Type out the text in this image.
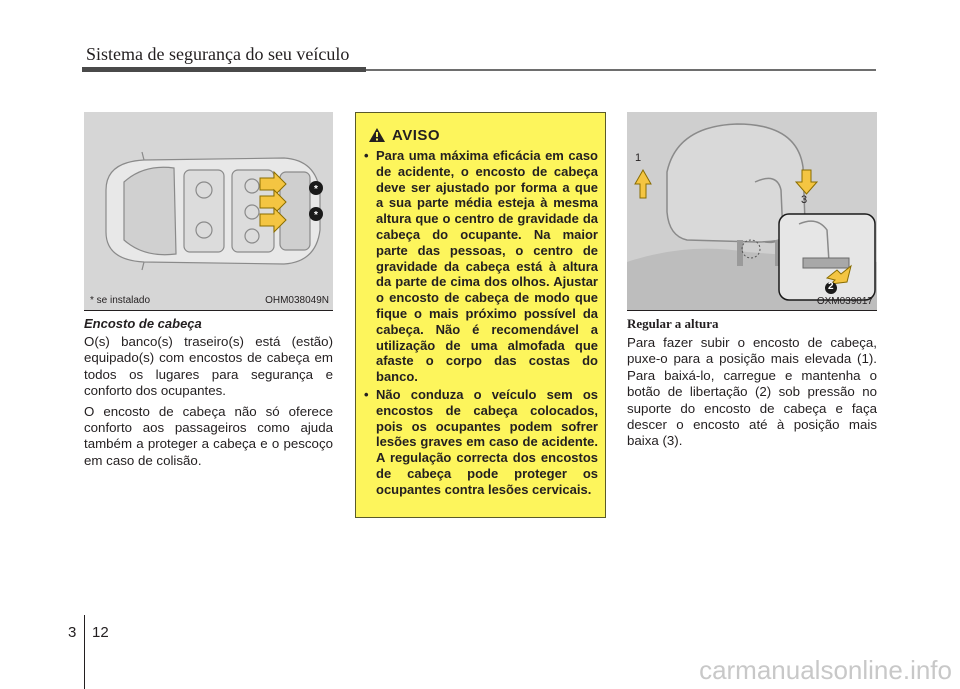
Sistema de segurança do seu veículo
*
*
* se instalado	OHM038049N

Encosto de cabeça

O(s) banco(s) traseiro(s) está (estão) equipado(s) com encostos de cabeça em todos os lugares para segurança e conforto dos ocupantes.

O encosto de cabeça não só oferece conforto aos passageiros como ajuda também a proteger a cabeça e o pescoço em caso de colisão.

AVISO
• Para uma máxima eficácia em caso de acidente, o encosto de cabeça deve ser ajustado por forma a que a sua parte média esteja à mesma altura que o centro de gravidade da cabeça do ocupante. Na maior parte das pessoas, o centro de gravidade da cabeça está à altura da parte de cima dos olhos. Ajustar o encosto de cabeça de modo que fique o mais próximo possível da cabeça. Não é recomendável a utilização de uma almofada que afaste o corpo das costas do banco.
• Não conduza o veículo sem os encostos de cabeça colocados, pois os ocupantes podem sofrer lesões graves em caso de acidente. A regulação correcta dos encostos de cabeça pode proteger os ocupantes contra lesões cervicais.
1
2
3
OXM039017

Regular a altura

Para fazer subir o encosto de cabeça, puxe-o para a posição mais elevada (1). Para baixá-lo, carregue e mantenha o botão de libertação (2) sob pressão no suporte do encosto de cabeça e faça descer o encosto até à posição mais baixa (3).

3 12
carmanualsonline.info
